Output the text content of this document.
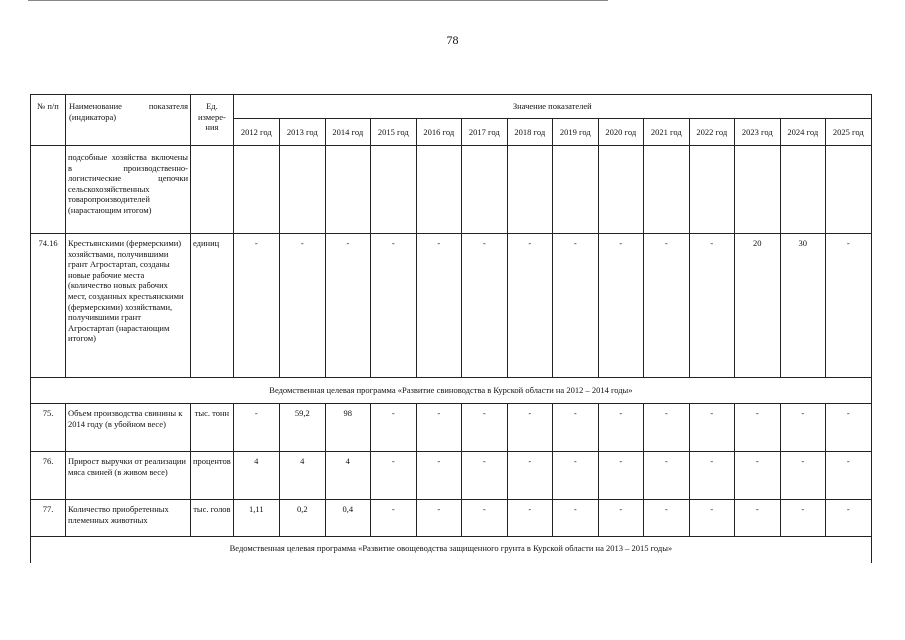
78
№ п/п	Наименование показателя (индикатора)	Ед. измере-ния	Значение показателей													
			2012 год	2013 год	2014 год	2015 год	2016 год	2017 год	2018 год	2019 год	2020 год	2021 год	2022 год	2023 год	2024 год	2025 год
	подсобные хозяйства включены в производственно-логистические цепочки сельскохозяйственных товаропроизводителей (нарастающим итогом)															
74.16	Крестьянскими (фермерскими) хозяйствами, получившими грант Агростартап, созданы новые рабочие места (количество новых рабочих мест, созданных крестьянскими (фермерскими) хозяйствами, получившими грант Агростартап (нарастающим итогом)	единиц	-	-	-	-	-	-	-	-	-	-	-	20	30	-
Ведомственная целевая программа «Развитие свиноводства в Курской области на 2012 – 2014 годы»																
75.	Объем производства свинины к 2014 году (в убойном весе)	тыс. тонн	-	59,2	98	-	-	-	-	-	-	-	-	-	-	-
76.	Прирост выручки от реализации мяса свиней (в живом весе)	процентов	4	4	4	-	-	-	-	-	-	-	-	-	-	-
77.	Количество приобретенных племенных животных	тыс. голов	1,11	0,2	0,4	-	-	-	-	-	-	-	-	-	-	-
Ведомственная целевая программа «Развитие овощеводства защищенного грунта в Курской области на 2013 – 2015 годы»																
